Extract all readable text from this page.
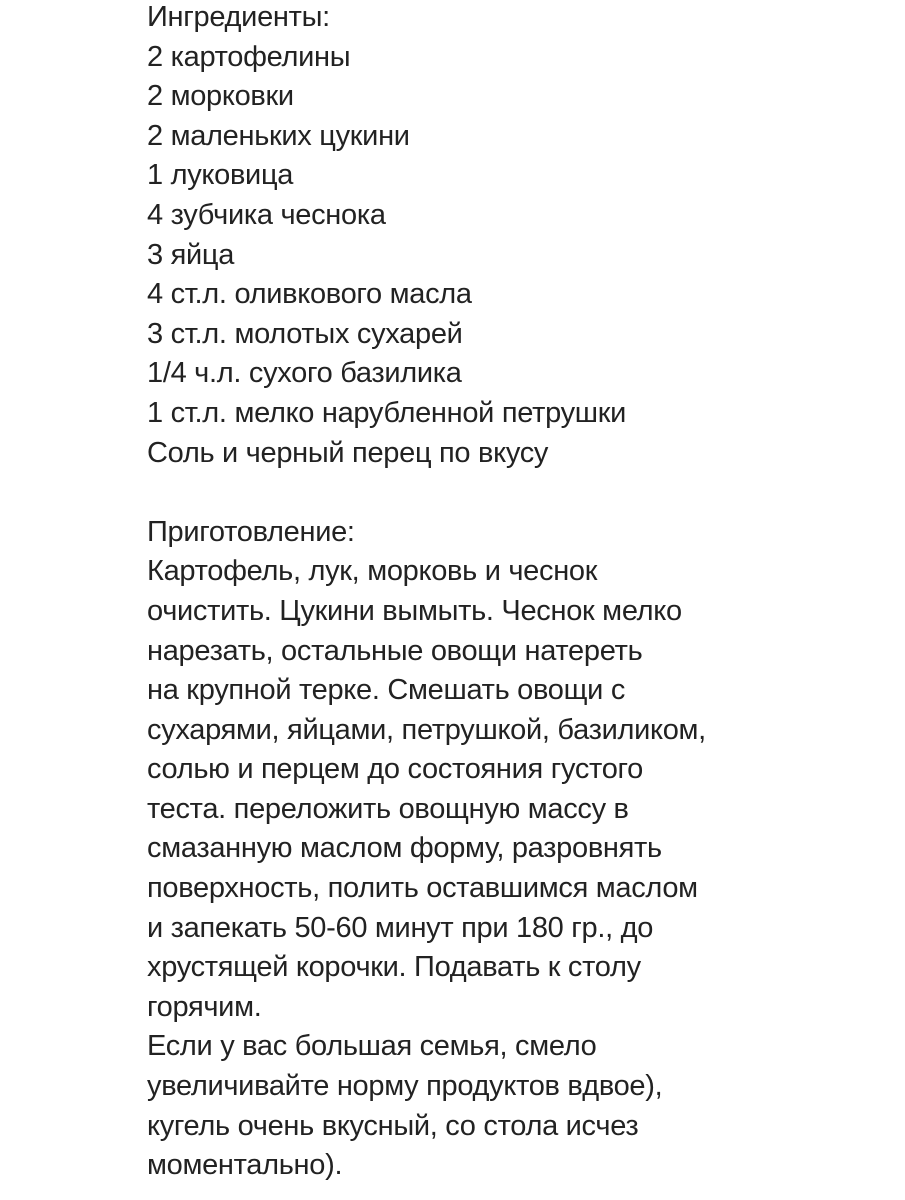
Ингредиенты:
2 картофелины
2 морковки
2 маленьких цукини
1 луковица
4 зубчика чеснока
3 яйца
4 ст.л. оливкового масла
3 ст.л. молотых сухарей
1/4 ч.л. сухого базилика
1 ст.л. мелко нарубленной петрушки
Соль и черный перец по вкусу
Приготовление:
Картофель, лук, морковь и чеснок
очистить. Цукини вымыть. Чеснок мелко
нарезать, остальные овощи натереть
на крупной терке. Смешать овощи с
сухарями, яйцами, петрушкой, базиликом,
солью и перцем до состояния густого
теста. переложить овощную массу в
смазанную маслом форму, разровнять
поверхность, полить оставшимся маслом
и запекать 50-60 минут при 180 гр., до
хрустящей корочки. Подавать к столу
горячим.
Если у вас большая семья, смело
увеличивайте норму продуктов вдвое),
кугель очень вкусный, со стола исчез
моментально).
